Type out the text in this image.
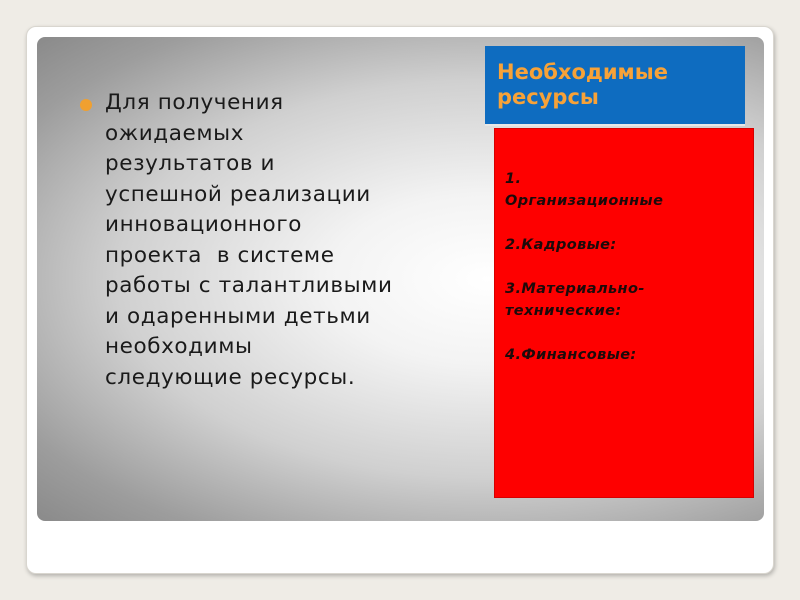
Для получения
ожидаемых
результатов и
успешной реализации
инновационного
проекта  в системе
работы с талантливыми
и одаренными детьми
необходимы
следующие ресурсы.

Необходимые
ресурсы

1.
Организационные

2.Кадровые:

3.Материально-
технические:

4.Финансовые:
